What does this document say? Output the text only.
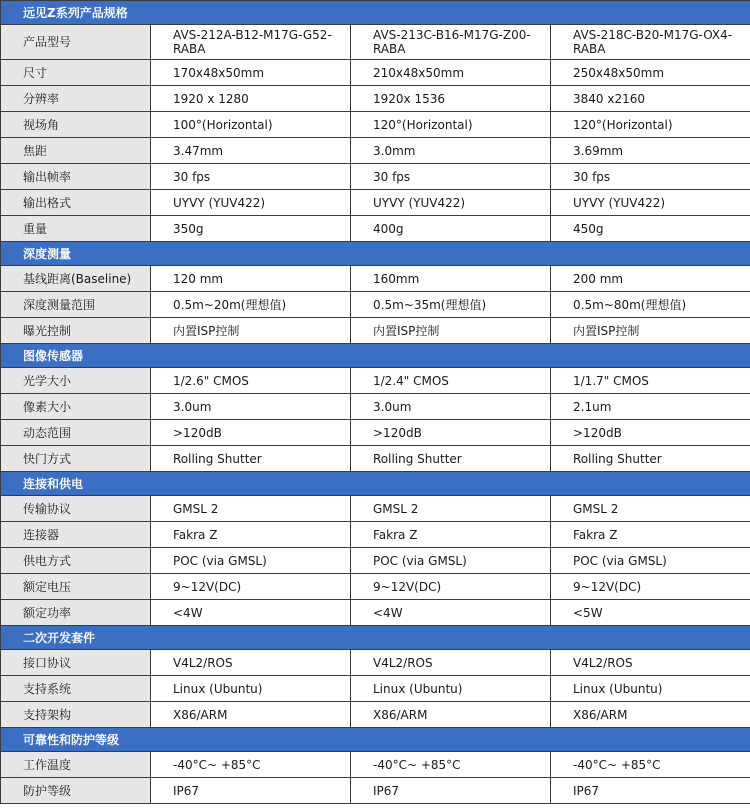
远见Z系列产品规格			
产品型号	AVS-212A-B12-M17G-G52-RABA	AVS-213C-B16-M17G-Z00-RABA	AVS-218C-B20-M17G-OX4-RABA
尺寸	170x48x50mm	210x48x50mm	250x48x50mm
分辨率	1920 x 1280	1920x 1536	3840 x2160
视场角	100°(Horizontal)	120°(Horizontal)	120°(Horizontal)
焦距	3.47mm	3.0mm	3.69mm
输出帧率	30 fps	30 fps	30 fps
输出格式	UYVY (YUV422)	UYVY (YUV422)	UYVY (YUV422)
重量	350g	400g	450g
深度测量			
基线距离(Baseline)	120 mm	160mm	200 mm
深度测量范围	0.5m~20m(理想值)	0.5m~35m(理想值)	0.5m~80m(理想值)
曝光控制	内置ISP控制	内置ISP控制	内置ISP控制
图像传感器			
光学大小	1/2.6" CMOS	1/2.4" CMOS	1/1.7" CMOS
像素大小	3.0um	3.0um	2.1um
动态范围	>120dB	>120dB	>120dB
快门方式	Rolling Shutter	Rolling Shutter	Rolling Shutter
连接和供电			
传输协议	GMSL 2	GMSL 2	GMSL 2
连接器	Fakra Z	Fakra Z	Fakra Z
供电方式	POC (via GMSL)	POC (via GMSL)	POC (via GMSL)
额定电压	9~12V(DC)	9~12V(DC)	9~12V(DC)
额定功率	<4W	<4W	<5W
二次开发套件			
接口协议	V4L2/ROS	V4L2/ROS	V4L2/ROS
支持系统	Linux (Ubuntu)	Linux (Ubuntu)	Linux (Ubuntu)
支持架构	X86/ARM	X86/ARM	X86/ARM
可靠性和防护等级			
工作温度	-40°C~ +85°C	-40°C~ +85°C	-40°C~ +85°C
防护等级	IP67	IP67	IP67
